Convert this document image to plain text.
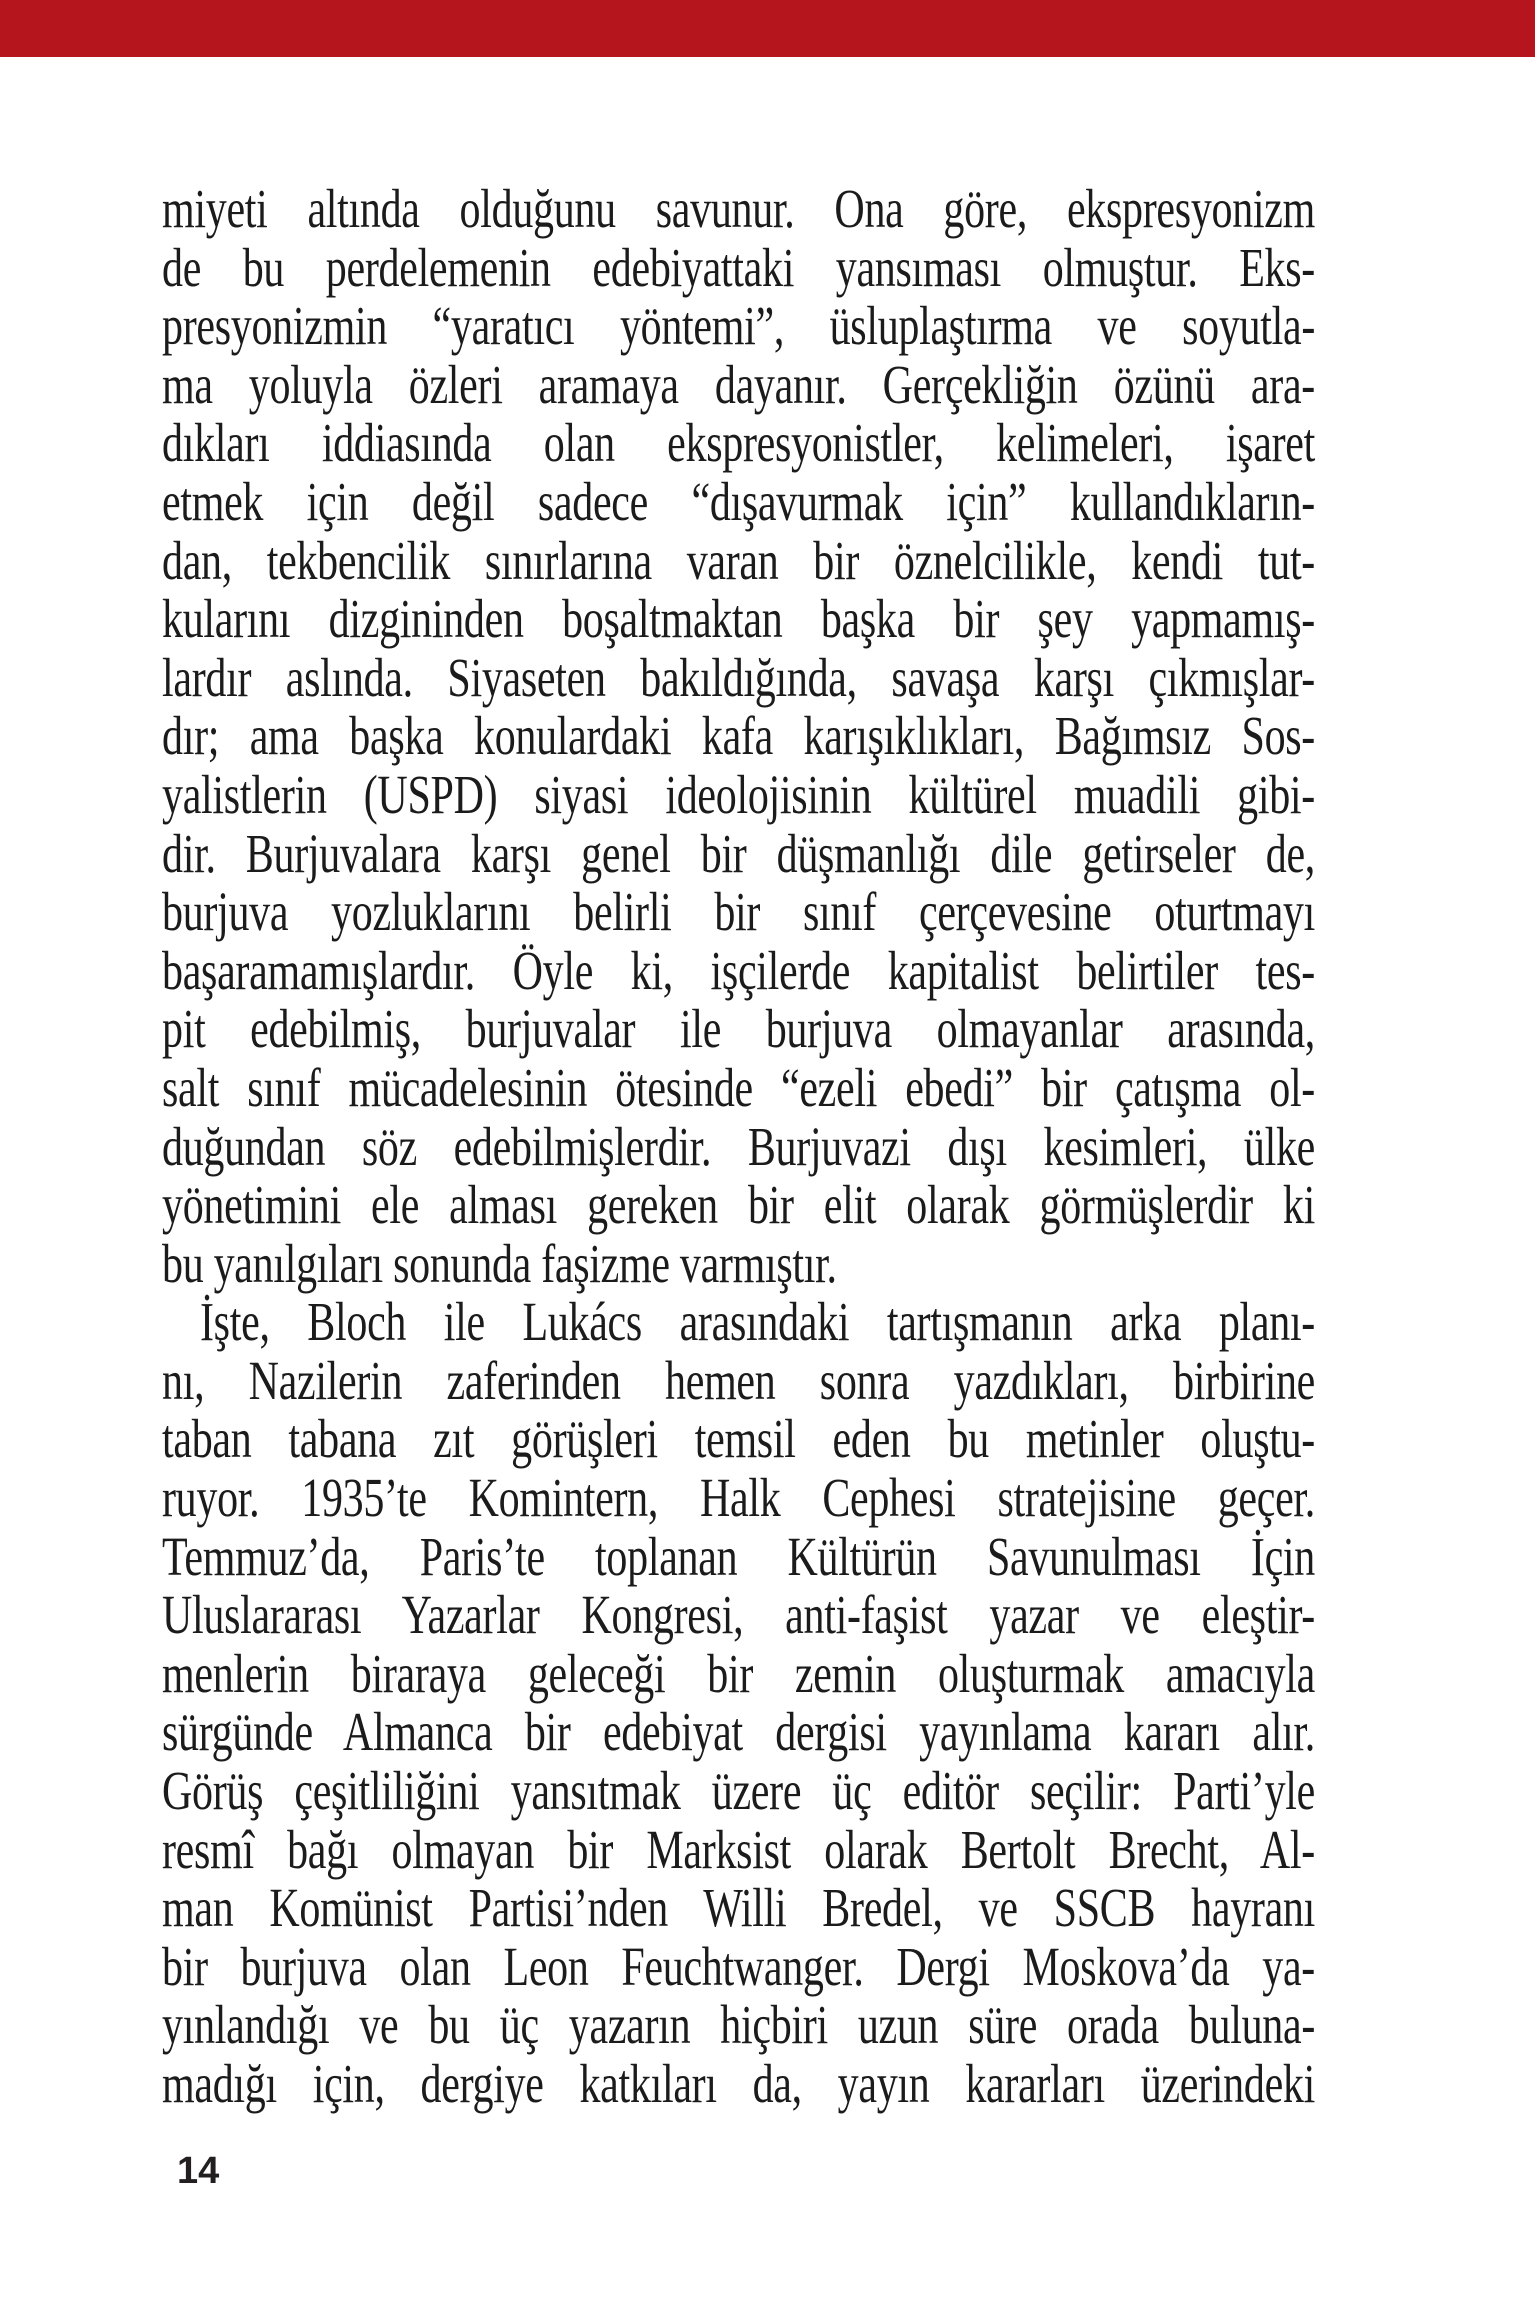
miyeti altında olduğunu savunur. Ona göre, ekspresyonizm
de bu perdelemenin edebiyattaki yansıması olmuştur. Eks-
presyonizmin “yaratıcı yöntemi”, üsluplaştırma ve soyutla-
ma yoluyla özleri aramaya dayanır. Gerçekliğin özünü ara-
dıkları iddiasında olan ekspresyonistler, kelimeleri, işaret
etmek için değil sadece “dışavurmak için” kullandıkların-
dan, tekbencilik sınırlarına varan bir öznelcilikle, kendi tut-
kularını dizgininden boşaltmaktan başka bir şey yapmamış-
lardır aslında. Siyaseten bakıldığında, savaşa karşı çıkmışlar-
dır; ama başka konulardaki kafa karışıklıkları, Bağımsız Sos-
yalistlerin (USPD) siyasi ideolojisinin kültürel muadili gibi-
dir. Burjuvalara karşı genel bir düşmanlığı dile getirseler de,
burjuva yozluklarını belirli bir sınıf çerçevesine oturtmayı
başaramamışlardır. Öyle ki, işçilerde kapitalist belirtiler tes-
pit edebilmiş, burjuvalar ile burjuva olmayanlar arasında,
salt sınıf mücadelesinin ötesinde “ezeli ebedi” bir çatışma ol-
duğundan söz edebilmişlerdir. Burjuvazi dışı kesimleri, ülke
yönetimini ele alması gereken bir elit olarak görmüşlerdir ki
bu yanılgıları sonunda faşizme varmıştır.
İşte, Bloch ile Lukács arasındaki tartışmanın arka planı-
nı, Nazilerin zaferinden hemen sonra yazdıkları, birbirine
taban tabana zıt görüşleri temsil eden bu metinler oluştu-
ruyor. 1935’te Komintern, Halk Cephesi stratejisine geçer.
Temmuz’da, Paris’te toplanan Kültürün Savunulması İçin
Uluslararası Yazarlar Kongresi, anti-faşist yazar ve eleştir-
menlerin biraraya geleceği bir zemin oluşturmak amacıyla
sürgünde Almanca bir edebiyat dergisi yayınlama kararı alır.
Görüş çeşitliliğini yansıtmak üzere üç editör seçilir: Parti’yle
resmî bağı olmayan bir Marksist olarak Bertolt Brecht, Al-
man Komünist Partisi’nden Willi Bredel, ve SSCB hayranı
bir burjuva olan Leon Feuchtwanger. Dergi Moskova’da ya-
yınlandığı ve bu üç yazarın hiçbiri uzun süre orada buluna-
madığı için, dergiye katkıları da, yayın kararları üzerindeki
14
